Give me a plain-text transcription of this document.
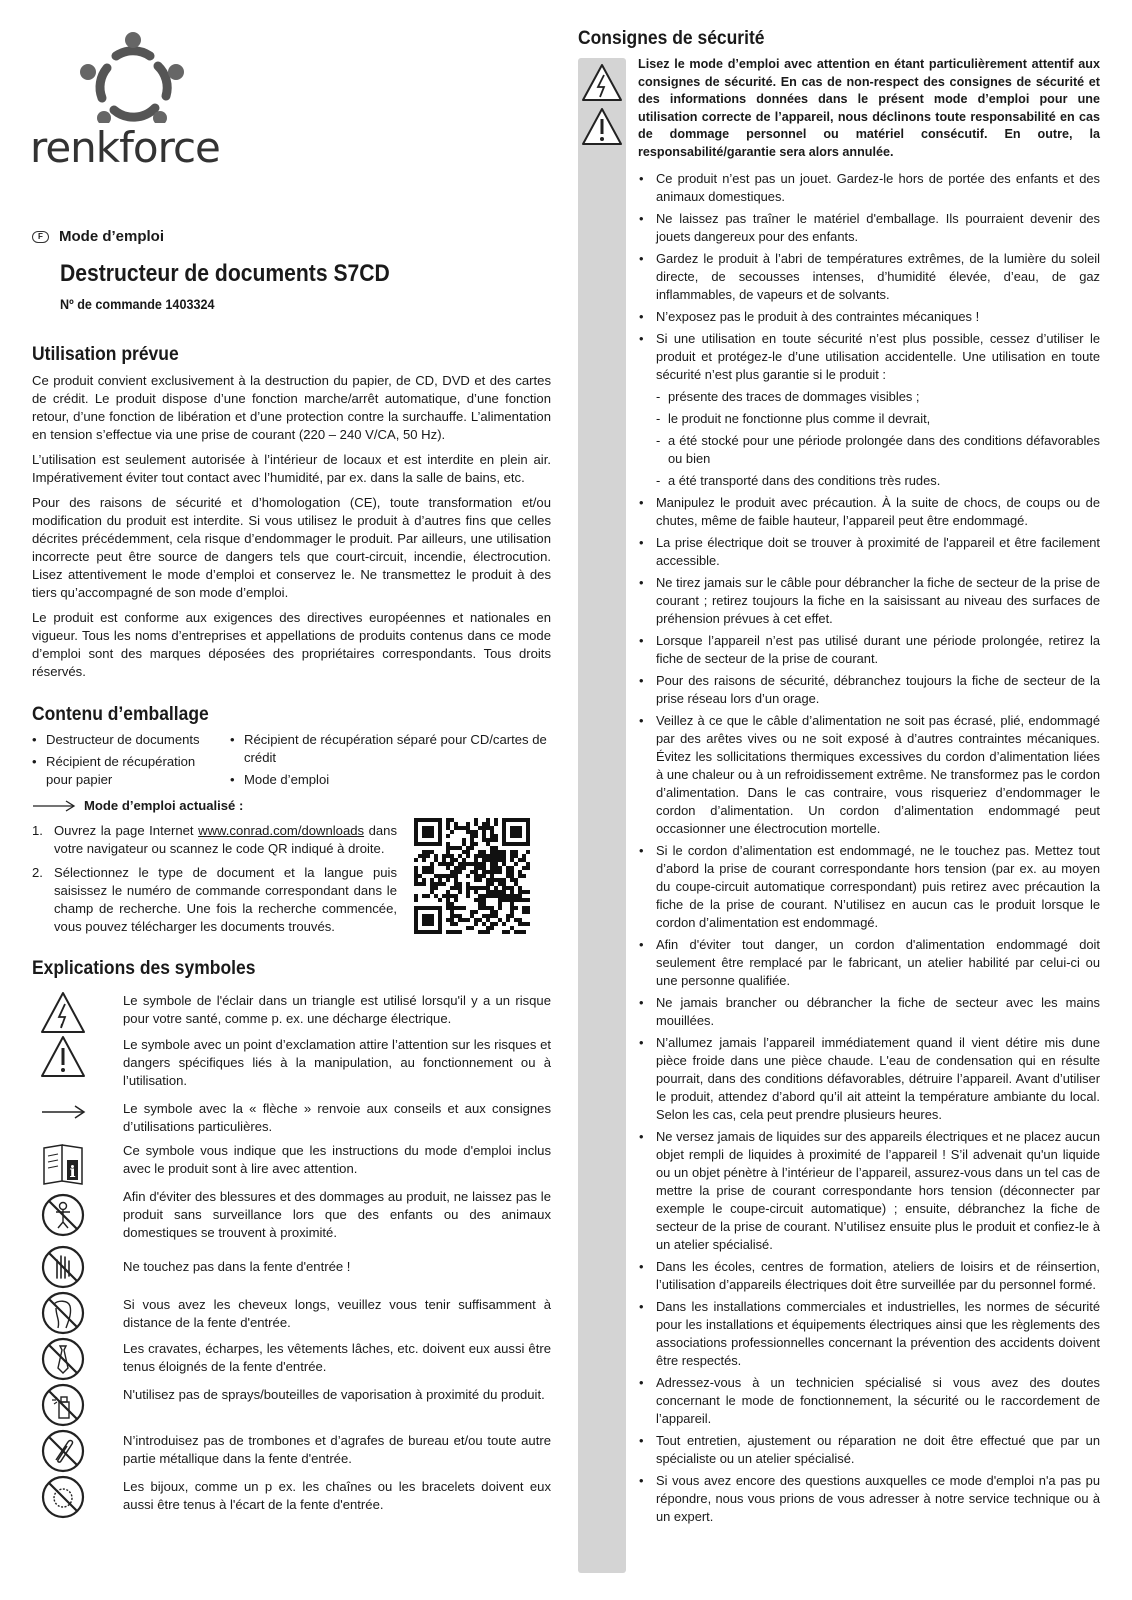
renkforce
F	Mode d’emploi
Destructeur de documents S7CD
Nº de commande 1403324
Utilisation prévue

Ce produit convient exclusivement à la destruction du papier, de CD, DVD et des cartes de crédit. Le produit dispose d’une fonction marche/arrêt automatique, d’une fonction retour, d’une fonction de libération et d’une protection contre la surchauffe. L’alimentation en tension s’effectue via une prise de courant (220 – 240 V/CA, 50 Hz).

L’utilisation est seulement autorisée à l’intérieur de locaux et est interdite en plein air. Impérativement éviter tout contact avec l’humidité, par ex. dans la salle de bains, etc.

Pour des raisons de sécurité et d’homologation (CE), toute transformation et/ou modification du produit est interdite. Si vous utilisez le produit à d’autres fins que celles décrites précédemment, cela risque d’endommager le produit. Par ailleurs, une utilisation incorrecte peut être source de dangers tels que court-circuit, incendie, électrocution. Lisez attentivement le mode d’emploi et conservez le. Ne transmettez le produit à des tiers qu’accompagné de son mode d’emploi.

Le produit est conforme aux exigences des directives européennes et nationales en vigueur. Tous les noms d’entreprises et appellations de produits contenus dans ce mode d’emploi sont des marques déposées des propriétaires correspondants. Tous droits réservés.

Contenu d’emballage
• Destructeur de documents
• Récipient de récupération pour papier
• Récipient de récupération séparé pour CD/cartes de crédit
• Mode d’emploi
Mode d’emploi actualisé :
1. Ouvrez la page Internet www.conrad.com/downloads dans votre navigateur ou scannez le code QR indiqué à droite.
2. Sélectionnez le type de document et la langue puis saisissez le numéro de commande correspondant dans le champ de recherche. Une fois la recherche commencée, vous pouvez télécharger les documents trouvés.
Explications des symboles
Le symbole de l'éclair dans un triangle est utilisé lorsqu'il y a un risque pour votre santé, comme p. ex. une décharge électrique.
Le symbole avec un point d’exclamation attire l’attention sur les risques et dangers spécifiques liés à la manipulation, au fonctionnement ou à l’utilisation.
Le symbole avec la « flèche » renvoie aux conseils et aux consignes d’utilisations particulières.
i
Ce symbole vous indique que les instructions du mode d'emploi inclus avec le produit sont à lire avec attention.
Afin d'éviter des blessures et des dommages au produit, ne laissez pas le produit sans surveillance lors que des enfants ou des animaux domestiques se trouvent à proximité.
Ne touchez pas dans la fente d'entrée !
Si vous avez les cheveux longs, veuillez vous tenir suffisamment à distance de la fente d'entrée.
Les cravates, écharpes, les vêtements lâches, etc. doivent eux aussi être tenus éloignés de la fente d'entrée.
N'utilisez pas de sprays/bouteilles de vaporisation à proximité du produit.
N’introduisez pas de trombones et d’agrafes de bureau et/ou toute autre partie métallique dans la fente d'entrée.
Les bijoux, comme un p ex. les chaînes ou les bracelets doivent eux aussi être tenus à l'écart de la fente d'entrée.
Consignes de sécurité
Lisez le mode d’emploi avec attention en étant particulièrement attentif aux consignes de sécurité. En cas de non-respect des consignes de sécurité et des informations données dans le présent mode d’emploi pour une utilisation correcte de l’appareil, nous déclinons toute responsabilité en cas de dommage personnel ou matériel consécutif. En outre, la responsabilité/garantie sera alors annulée.
• Ce produit n’est pas un jouet. Gardez-le hors de portée des enfants et des animaux domestiques.
• Ne laissez pas traîner le matériel d'emballage. Ils pourraient devenir des jouets dangereux pour des enfants.
• Gardez le produit à l’abri de températures extrêmes, de la lumière du soleil directe, de secousses intenses, d’humidité élevée, d’eau, de gaz inflammables, de vapeurs et de solvants.
• N’exposez pas le produit à des contraintes mécaniques !
• Si une utilisation en toute sécurité n’est plus possible, cessez d’utiliser le produit et protégez-le d’une utilisation accidentelle. Une utilisation en toute sécurité n’est plus garantie si le produit :
- présente des traces de dommages visibles ;
- le produit ne fonctionne plus comme il devrait,
- a été stocké pour une période prolongée dans des conditions défavorables ou bien
- a été transporté dans des conditions très rudes.
• Manipulez le produit avec précaution. À la suite de chocs, de coups ou de chutes, même de faible hauteur, l’appareil peut être endommagé.
• La prise électrique doit se trouver à proximité de l'appareil et être facilement accessible.
• Ne tirez jamais sur le câble pour débrancher la fiche de secteur de la prise de courant ; retirez toujours la fiche en la saisissant au niveau des surfaces de préhension prévues à cet effet.
• Lorsque l’appareil n’est pas utilisé durant une période prolongée, retirez la fiche de secteur de la prise de courant.
• Pour des raisons de sécurité, débranchez toujours la fiche de secteur de la prise réseau lors d’un orage.
• Veillez à ce que le câble d’alimentation ne soit pas écrasé, plié, endommagé par des arêtes vives ou ne soit exposé à d’autres contraintes mécaniques. Évitez les sollicitations thermiques excessives du cordon d’alimentation liées à une chaleur ou à un refroidissement extrême. Ne transformez pas le cordon d’alimentation. Dans le cas contraire, vous risqueriez d’endommager le cordon d’alimentation. Un cordon d’alimentation endommagé peut occasionner une électrocution mortelle.
• Si le cordon d’alimentation est endommagé, ne le touchez pas. Mettez tout d’abord la prise de courant correspondante hors tension (par ex. au moyen du coupe-circuit automatique correspondant) puis retirez avec précaution la fiche de la prise de courant. N’utilisez en aucun cas le produit lorsque le cordon d’alimentation est endommagé.
• Afin d'éviter tout danger, un cordon d'alimentation endommagé doit seulement être remplacé par le fabricant, un atelier habilité par celui-ci ou une personne qualifiée.
• Ne jamais brancher ou débrancher la fiche de secteur avec les mains mouillées.
• N’allumez jamais l’appareil immédiatement quand il vient détire mis dune pièce froide dans une pièce chaude. L'eau de condensation qui en résulte pourrait, dans des conditions défavorables, détruire l’appareil. Avant d’utiliser le produit, attendez d’abord qu’il ait atteint la température ambiante du local. Selon les cas, cela peut prendre plusieurs heures.
• Ne versez jamais de liquides sur des appareils électriques et ne placez aucun objet rempli de liquides à proximité de l’appareil ! S’il advenait qu'un liquide ou un objet pénètre à l’intérieur de l’appareil, assurez-vous dans un tel cas de mettre la prise de courant correspondante hors tension (déconnecter par exemple le coupe-circuit automatique) ; ensuite, débranchez la fiche de secteur de la prise de courant. N’utilisez ensuite plus le produit et confiez-le à un atelier spécialisé.
• Dans les écoles, centres de formation, ateliers de loisirs et de réinsertion, l’utilisation d’appareils électriques doit être surveillée par du personnel formé.
• Dans les installations commerciales et industrielles, les normes de sécurité pour les installations et équipements électriques ainsi que les règlements des associations professionnelles concernant la prévention des accidents doivent être respectés.
• Adressez-vous à un technicien spécialisé si vous avez des doutes concernant le mode de fonctionnement, la sécurité ou le raccordement de l’appareil.
• Tout entretien, ajustement ou réparation ne doit être effectué que par un spécialiste ou un atelier spécialisé.
• Si vous avez encore des questions auxquelles ce mode d'emploi n'a pas pu répondre, nous vous prions de vous adresser à notre service technique ou à un expert.
